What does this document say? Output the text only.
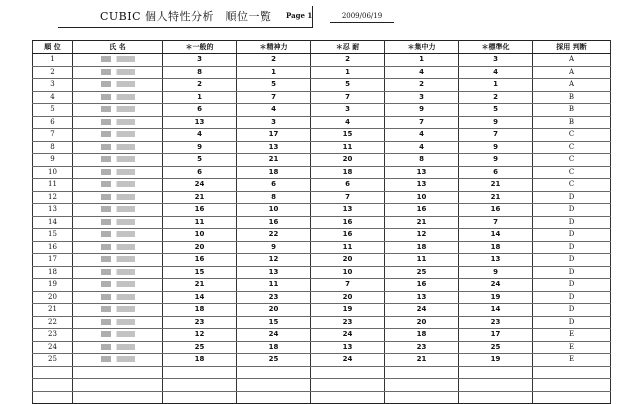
CUBIC 個人特性分析　順位一覧 Page 1	2009/06/19
順 位	氏 名	＊一般的	＊精神力	＊忍 耐	＊集中力	＊標準化	採用 判断
1		3	2	2	1	3	A
2		8	1	1	4	4	A
3		2	5	5	2	1	A
4		1	7	7	3	2	B
5		6	4	3	9	5	B
6		13	3	4	7	9	B
7		4	17	15	4	7	C
8		9	13	11	4	9	C
9		5	21	20	8	9	C
10		6	18	18	13	6	C
11		24	6	6	13	21	C
12		21	8	7	10	21	D
13		16	10	13	16	16	D
14		11	16	16	21	7	D
15		10	22	16	12	14	D
16		20	9	11	18	18	D
17		16	12	20	11	13	D
18		15	13	10	25	9	D
19		21	11	7	16	24	D
20		14	23	20	13	19	D
21		18	20	19	24	14	D
22		23	15	23	20	23	D
23		12	24	24	18	17	E
24		25	18	13	23	25	E
25		18	25	24	21	19	E
